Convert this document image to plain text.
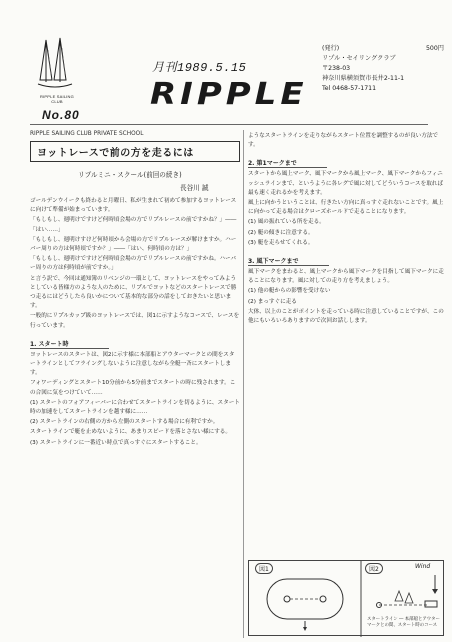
RIPPLE SAILING CLUB
No.80
月刊1989.5.15
RIPPLE
(発行)	500円
リプル・セイリングクラブ
〒238-03
神奈川県横須賀市長井2-11-1
Tel 0468-57-1711
RIPPLE SAILING CLUB PRIVATE SCHOOL
ヨットレースで前の方を走るには
リプルミニ・スクール(前回の続き)
長谷川 誠

ゴールデンウイークも終わると月曜日、私が生まれて初めて参加するヨットレースに向けて準備が始まっています。

「もしもし、週明けですけど何時頃会場の方でリプルレースの前ですかね？」――「はい……」

「もしもし、週明けすけど何時頃から会場の方でリプルレースが解けますか。ハーバー周りの方は何時頃ですか？」――「はい、何時頃の方は？」

「もしもし、週明けですけど何時頃会場の方でリプルレースの前ですかね。ハーバー周りの方は何時頃が前ですか。」

と言う訳で、今回は通知簿のリベンジの一環として、ヨットレースをやってみようとしている皆様方のような人のために、リプルでヨットなどのスタートレースで勝つ走るにはどうしたら良いかについて基本的な部分の話をしておきたいと思います。

一般的にリプルカップ級のヨットレースでは、図1に示すようなコースで、レースを行っています。

1. スタート時

ヨットレースのスタートは、図2に示す様に本部船とアウターマークとの間をスタートラインとしてフライングしないように注意しながら全艇一斉にスタートします。

フォワーディングとスタート10分前から5分前までスタートの時に残されます。この合図に気をつけていて……

(1) スタートのフォアフィーバーに合わせてスタートラインを切るように、スタート時の加速をしてスタートラインを越す様に……

(2) スタートラインの右側の方から左側のスタートする場合に有利ですか。

スタートラインで艇を止めないように、あまりスピードを落とさない様にする。

(3) スタートラインに一番近い時点で真っすぐにスタートすること。

ようなスタートラインを走りながらスタート位置を調整するのが良い方法です。
2. 第1マークまで

スタートから風上マーク、風下マークから風上マーク、風下マークからフィニッシュラインまで、というように各レグで風に対してどういうコースを取れば最も速く走れるかを考えます。

風上に向かうということは、行きたい方向に真っすぐ走れないことです。風上に向かって走る場合はクローズホールドで走ることになります。

(1) 風の振れている所を走る。

(2) 艇の傾きに注意する。

(3) 艇を走らせてくれる。

3. 風下マークまで

風下マークをまわると、風上マークから風下マークを目指して風下マークに走ることになります。風に対しての走り方を考えましょう。

(1) 他の艇からの影響を受けない

(2) まっすぐに走る

大体、以上のことがポイントを走っている時に注意していることですが、この他にもいろいろありますので次回お話しします。

図1	図2	Wind
スタートライン ― 本部船とアウターマークとの間、スタート時のコース
